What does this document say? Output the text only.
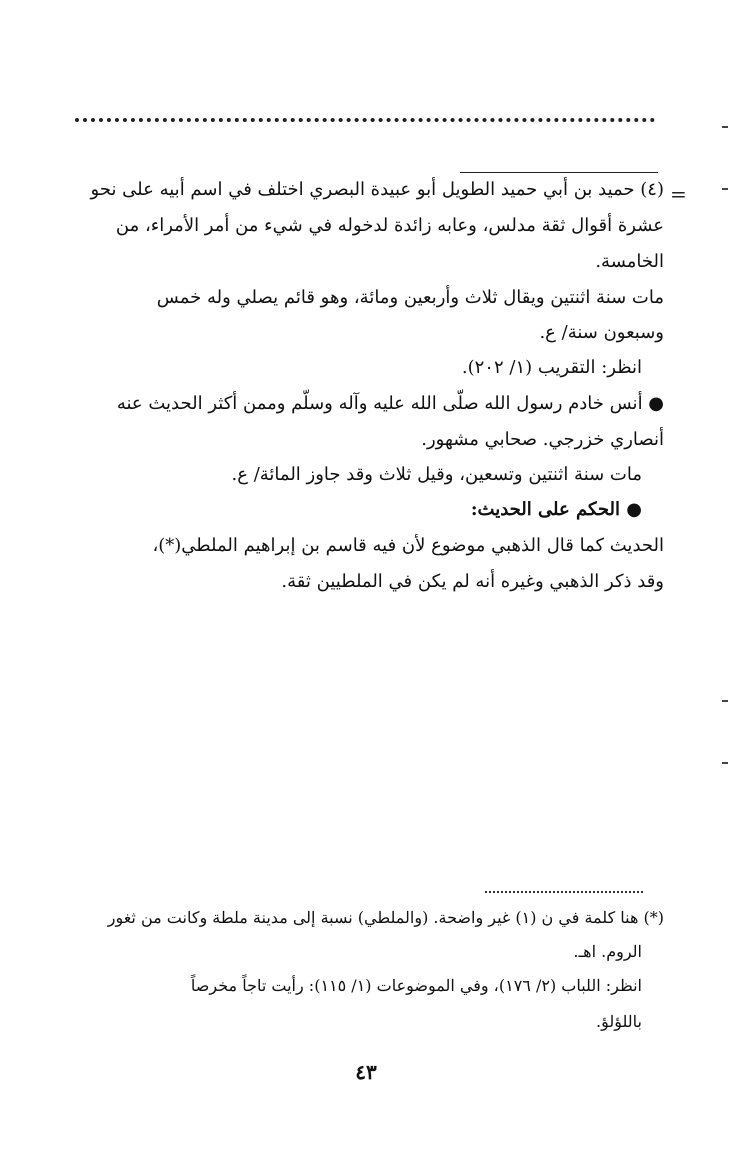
=
(٤) حميد بن أبي حميد الطويل أبو عبيدة البصري اختلف في اسم أبيه على نحو
عشرة أقوال ثقة مدلس، وعابه زائدة لدخوله في شيء من أمر الأمراء، من
الخامسة.
مات سنة اثنتين ويقال ثلاث وأربعين ومائة، وهو قائم يصلي وله خمس
وسبعون سنة/ ع.
انظر: التقريب (١/ ٢٠٢).
● أنس خادم رسول الله صلّى الله عليه وآله وسلّم وممن أكثر الحديث عنه
أنصاري خزرجي. صحابي مشهور.
مات سنة اثنتين وتسعين، وقيل ثلاث وقد جاوز المائة/ ع.
● الحكم على الحديث:
الحديث كما قال الذهبي موضوع لأن فيه قاسم بن إبراهيم الملطي(*)،
وقد ذكر الذهبي وغيره أنه لم يكن في الملطيين ثقة.
(*) هنا كلمة في ن (١) غير واضحة. (والملطي) نسبة إلى مدينة ملطة وكانت من ثغور
الروم. اهـ.
انظر: اللباب (٢/ ١٧٦)، وفي الموضوعات (١/ ١١٥): رأيت تاجاً مخرصاً
باللؤلؤ.
٤٣
